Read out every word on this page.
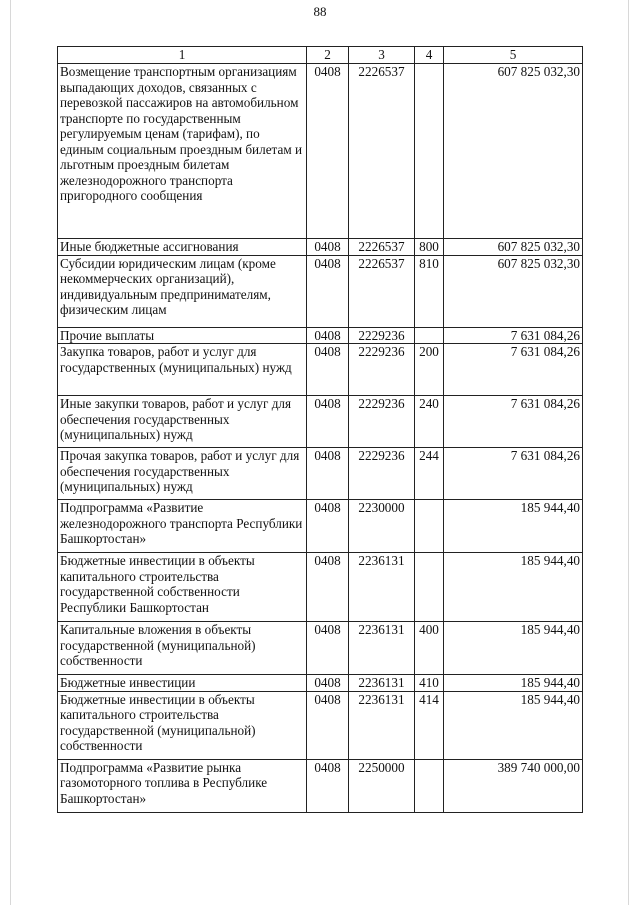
88
1	2	3	4	5
Возмещение транспортным организациям выпадающих доходов, связанных с перевозкой пассажиров на автомобильном транспорте по государственным регулируемым ценам (тарифам), по единым социальным проездным билетам и льготным проездным билетам железнодорожного транспорта пригородного сообщения	0408	2226537		607 825 032,30
Иные бюджетные ассигнования	0408	2226537	800	607 825 032,30
Субсидии юридическим лицам (кроме некоммерческих организаций), индивидуальным предпринимателям, физическим лицам	0408	2226537	810	607 825 032,30
Прочие выплаты	0408	2229236		7 631 084,26
Закупка товаров, работ и услуг для государственных (муниципальных) нужд	0408	2229236	200	7 631 084,26
Иные закупки товаров, работ и услуг для обеспечения государственных (муниципальных) нужд	0408	2229236	240	7 631 084,26
Прочая закупка товаров, работ и услуг для обеспечения государственных (муниципальных) нужд	0408	2229236	244	7 631 084,26
Подпрограмма «Развитие железнодорожного транспорта Республики Башкортостан»	0408	2230000		185 944,40
Бюджетные инвестиции в объекты капитального строительства государственной собственности Республики Башкортостан	0408	2236131		185 944,40
Капитальные вложения в объекты государственной (муниципальной) собственности	0408	2236131	400	185 944,40
Бюджетные инвестиции	0408	2236131	410	185 944,40
Бюджетные инвестиции в объекты капитального строительства государственной (муниципальной) собственности	0408	2236131	414	185 944,40
Подпрограмма «Развитие рынка газомоторного топлива в Республике Башкортостан»	0408	2250000		389 740 000,00
